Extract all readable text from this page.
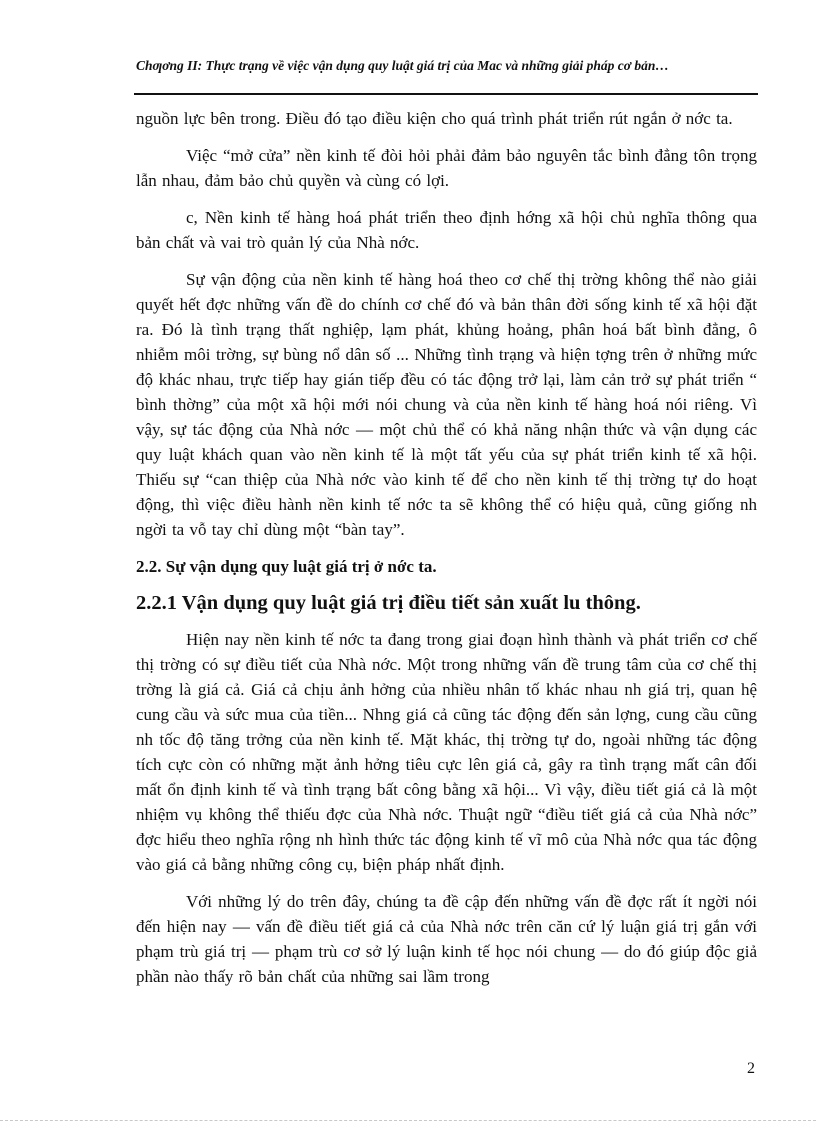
Chƣơng II: Thực trạng về việc vận dụng quy luật giá trị của Mac và những giải pháp cơ bản…

nguồn lực bên trong. Điều đó tạo điều kiện cho quá trình phát triển rút ngắn ở nớc ta.

Việc “mở cửa” nền kinh tế đòi hỏi phải đảm bảo nguyên tắc bình đẳng tôn trọng lẫn nhau, đảm bảo chủ quyền và cùng có lợi.

c, Nền kinh tế hàng hoá phát triển theo định hớng xã hội chủ nghĩa thông qua bản chất và vai trò quản lý của Nhà nớc.

Sự vận động của nền kinh tế hàng hoá theo cơ chế thị trờng không thể nào giải quyết hết đợc những vấn đề do chính cơ chế đó và bản thân đời sống kinh tế xã hội đặt ra. Đó là tình trạng thất nghiệp, lạm phát, khủng hoảng, phân hoá bất bình đẳng, ô nhiễm môi trờng, sự bùng nổ dân số ... Những tình trạng và hiện tợng trên ở những mức độ khác nhau, trực tiếp hay gián tiếp đều có tác động trở lại, làm cản trở sự phát triển “ bình thờng” của một xã hội mới nói chung và của nền kinh tế hàng hoá nói riêng. Vì vậy, sự tác động của Nhà nớc — một chủ thể có khả năng nhận thức và vận dụng các quy luật khách quan vào nền kinh tế là một tất yếu của sự phát triển kinh tế xã hội. Thiếu sự “can thiệp của Nhà nớc vào kinh tế để cho nền kinh tế thị trờng tự do hoạt động, thì việc điều hành nền kinh tế nớc ta sẽ không thể có hiệu quả, cũng giống nh ngời ta vỗ tay chỉ dùng một “bàn tay”.

2.2. Sự vận dụng quy luật giá trị ở nớc ta.
2.2.1 Vận dụng quy luật giá trị điều tiết sản xuất lu thông.

Hiện nay nền kinh tế nớc ta đang trong giai đoạn hình thành và phát triển cơ chế thị trờng có sự điều tiết của Nhà nớc. Một trong những vấn đề trung tâm của cơ chế thị trờng là giá cả. Giá cả chịu ảnh hởng của nhiều nhân tố khác nhau nh giá trị, quan hệ cung cầu và sức mua của tiền... Nhng giá cả cũng tác động đến sản lợng, cung cầu cũng nh tốc độ tăng trởng của nền kinh tế. Mặt khác, thị trờng tự do, ngoài những tác động tích cực còn có những mặt ảnh hởng tiêu cực lên giá cả, gây ra tình trạng mất cân đối mất ổn định kinh tế và tình trạng bất công bằng xã hội... Vì vậy, điều tiết giá cả là một nhiệm vụ không thể thiếu đợc của Nhà nớc. Thuật ngữ “điều tiết giá cả của Nhà nớc” đợc hiểu theo nghĩa rộng nh hình thức tác động kinh tế vĩ mô của Nhà nớc qua tác động vào giá cả bằng những công cụ, biện pháp nhất định.

Với những lý do trên đây, chúng ta đề cập đến những vấn đề đợc rất ít ngời nói đến hiện nay — vấn đề điều tiết giá cả của Nhà nớc trên căn cứ lý luận giá trị gắn với phạm trù giá trị — phạm trù cơ sở lý luận kinh tế học nói chung — do đó giúp độc giả phần nào thấy rõ bản chất của những sai lầm trong

2
